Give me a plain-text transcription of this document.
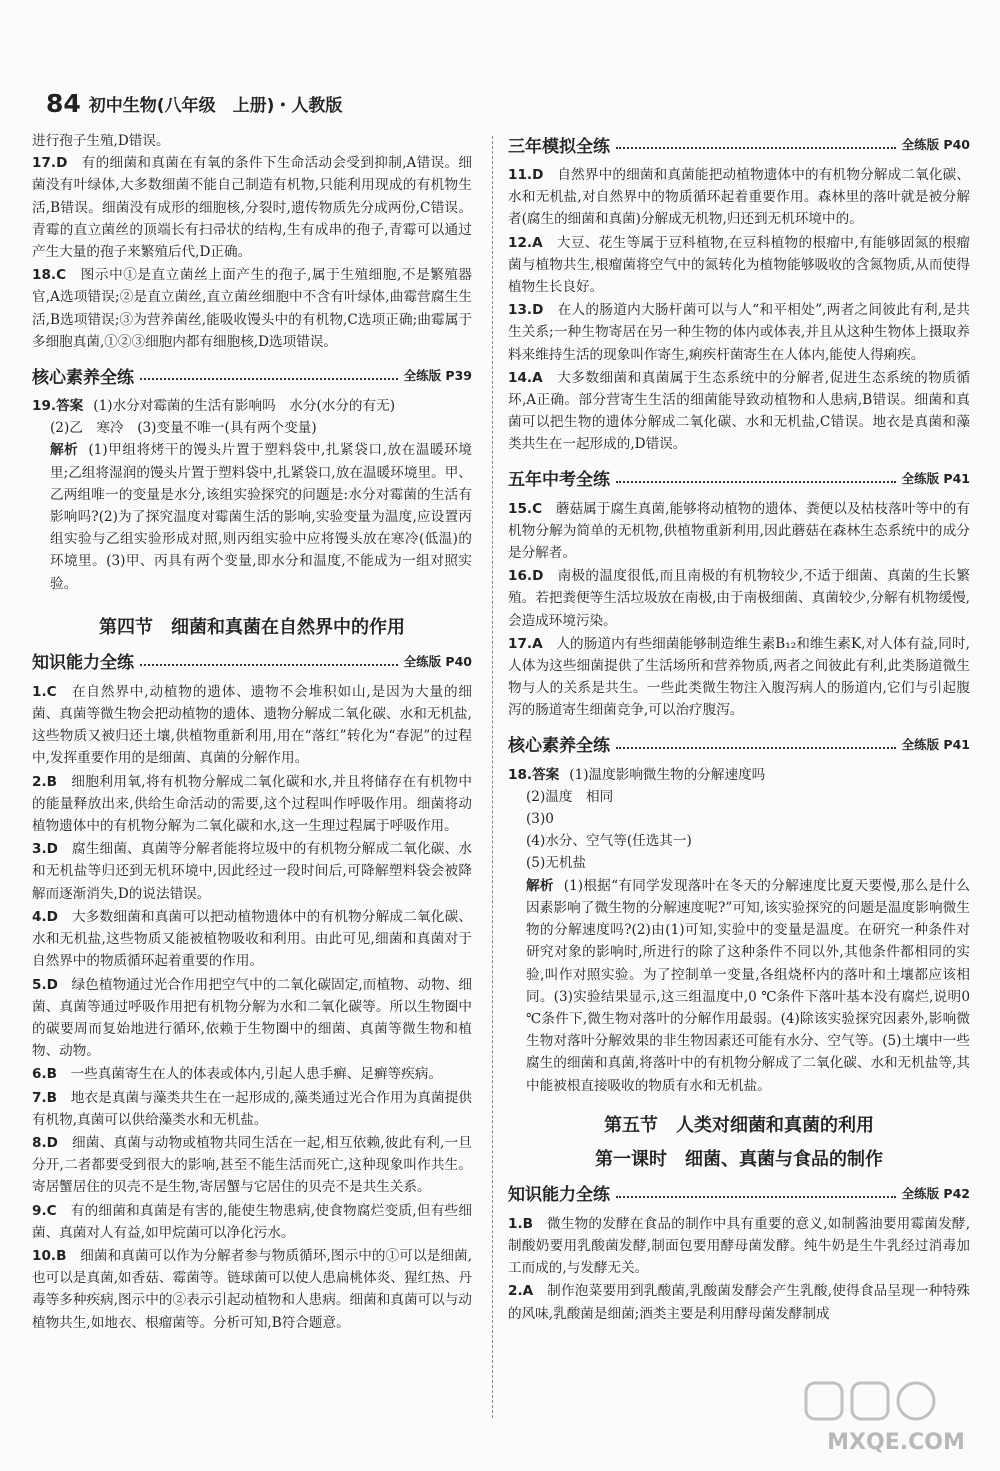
84 初中生物(八年级　上册)・人教版

进行孢子生殖,D错误。

17.D　 有的细菌和真菌在有氧的条件下生命活动会受到抑制,A错误。细菌没有叶绿体,大多数细菌不能自己制造有机物,只能利用现成的有机物生活,B错误。细菌没有成形的细胞核,分裂时,遗传物质先分成两份,C错误。青霉的直立菌丝的顶端长有扫帚状的结构,生有成串的孢子,青霉可以通过产生大量的孢子来繁殖后代,D正确。

18.C　 图示中①是直立菌丝上面产生的孢子,属于生殖细胞,不是繁殖器官,A选项错误;②是直立菌丝,直立菌丝细胞中不含有叶绿体,曲霉营腐生生活,B选项错误;③为营养菌丝,能吸收馒头中的有机物,C选项正确;曲霉属于多细胞真菌,①②③细胞内都有细胞核,D选项错误。

核心素养全练	全练版 P39

19.答案 (1)水分对霉菌的生活有影响吗　水分(水分的有无)

(2)乙　寒冷　(3)变量不唯一(具有两个变量)

解析 (1)甲组将烤干的馒头片置于塑料袋中,扎紧袋口,放在温暖环境里;乙组将湿润的馒头片置于塑料袋中,扎紧袋口,放在温暖环境里。甲、乙两组唯一的变量是水分,该组实验探究的问题是:水分对霉菌的生活有影响吗?(2)为了探究温度对霉菌生活的影响,实验变量为温度,应设置丙组实验与乙组实验形成对照,则丙组实验中应将馒头放在寒冷(低温)的环境里。(3)甲、丙具有两个变量,即水分和温度,不能成为一组对照实验。

第四节　细菌和真菌在自然界中的作用
知识能力全练	全练版 P40

1.C　 在自然界中,动植物的遗体、遗物不会堆积如山,是因为大量的细菌、真菌等微生物会把动植物的遗体、遗物分解成二氧化碳、水和无机盐,这些物质又被归还土壤,供植物重新利用,用在“落红”转化为“春泥”的过程中,发挥重要作用的是细菌、真菌的分解作用。

2.B　 细胞利用氧,将有机物分解成二氧化碳和水,并且将储存在有机物中的能量释放出来,供给生命活动的需要,这个过程叫作呼吸作用。细菌将动植物遗体中的有机物分解为二氧化碳和水,这一生理过程属于呼吸作用。

3.D　 腐生细菌、真菌等分解者能将垃圾中的有机物分解成二氧化碳、水和无机盐等归还到无机环境中,因此经过一段时间后,可降解塑料袋会被降解而逐渐消失,D的说法错误。

4.D　 大多数细菌和真菌可以把动植物遗体中的有机物分解成二氧化碳、水和无机盐,这些物质又能被植物吸收和利用。由此可见,细菌和真菌对于自然界中的物质循环起着重要的作用。

5.D　 绿色植物通过光合作用把空气中的二氧化碳固定,而植物、动物、细菌、真菌等通过呼吸作用把有机物分解为水和二氧化碳等。所以生物圈中的碳要周而复始地进行循环,依赖于生物圈中的细菌、真菌等微生物和植物、动物。

6.B　 一些真菌寄生在人的体表或体内,引起人患手癣、足癣等疾病。

7.B　 地衣是真菌与藻类共生在一起形成的,藻类通过光合作用为真菌提供有机物,真菌可以供给藻类水和无机盐。

8.D　 细菌、真菌与动物或植物共同生活在一起,相互依赖,彼此有利,一旦分开,二者都要受到很大的影响,甚至不能生活而死亡,这种现象叫作共生。寄居蟹居住的贝壳不是生物,寄居蟹与它居住的贝壳不是共生关系。

9.C　 有的细菌和真菌是有害的,能使生物患病,使食物腐烂变质,但有些细菌、真菌对人有益,如甲烷菌可以净化污水。

10.B　 细菌和真菌可以作为分解者参与物质循环,图示中的①可以是细菌,也可以是真菌,如香菇、霉菌等。链球菌可以使人患扁桃体炎、猩红热、丹毒等多种疾病,图示中的②表示引起动植物和人患病。细菌和真菌可以与动植物共生,如地衣、根瘤菌等。分析可知,B符合题意。

三年模拟全练	全练版 P40

11.D　 自然界中的细菌和真菌能把动植物遗体中的有机物分解成二氧化碳、水和无机盐,对自然界中的物质循环起着重要作用。森林里的落叶就是被分解者(腐生的细菌和真菌)分解成无机物,归还到无机环境中的。

12.A　 大豆、花生等属于豆科植物,在豆科植物的根瘤中,有能够固氮的根瘤菌与植物共生,根瘤菌将空气中的氮转化为植物能够吸收的含氮物质,从而使得植物生长良好。

13.D　 在人的肠道内大肠杆菌可以与人“和平相处”,两者之间彼此有利,是共生关系;一种生物寄居在另一种生物的体内或体表,并且从这种生物体上摄取养料来维持生活的现象叫作寄生,痢疾杆菌寄生在人体内,能使人得痢疾。

14.A　 大多数细菌和真菌属于生态系统中的分解者,促进生态系统的物质循环,A正确。部分营寄生生活的细菌能导致动植物和人患病,B错误。细菌和真菌可以把生物的遗体分解成二氧化碳、水和无机盐,C错误。地衣是真菌和藻类共生在一起形成的,D错误。

五年中考全练	全练版 P41

15.C　 蘑菇属于腐生真菌,能够将动植物的遗体、粪便以及枯枝落叶等中的有机物分解为简单的无机物,供植物重新利用,因此蘑菇在森林生态系统中的成分是分解者。

16.D　 南极的温度很低,而且南极的有机物较少,不适于细菌、真菌的生长繁殖。若把粪便等生活垃圾放在南极,由于南极细菌、真菌较少,分解有机物缓慢,会造成环境污染。

17.A　 人的肠道内有些细菌能够制造维生素B₁₂和维生素K,对人体有益,同时,人体为这些细菌提供了生活场所和营养物质,两者之间彼此有利,此类肠道微生物与人的关系是共生。一些此类微生物注入腹泻病人的肠道内,它们与引起腹泻的肠道寄生细菌竞争,可以治疗腹泻。

核心素养全练	全练版 P41

18.答案 (1)温度影响微生物的分解速度吗

(2)温度　相同

(3)0

(4)水分、空气等(任选其一)

(5)无机盐

解析 (1)根据“有同学发现落叶在冬天的分解速度比夏天要慢,那么是什么因素影响了微生物的分解速度呢?”可知,该实验探究的问题是温度影响微生物的分解速度吗?(2)由(1)可知,实验中的变量是温度。在研究一种条件对研究对象的影响时,所进行的除了这种条件不同以外,其他条件都相同的实验,叫作对照实验。为了控制单一变量,各组烧杯内的落叶和土壤都应该相同。(3)实验结果显示,这三组温度中,0 ℃条件下落叶基本没有腐烂,说明0 ℃条件下,微生物对落叶的分解作用最弱。(4)除该实验探究因素外,影响微生物对落叶分解效果的非生物因素还可能有水分、空气等。(5)土壤中一些腐生的细菌和真菌,将落叶中的有机物分解成了二氧化碳、水和无机盐等,其中能被根直接吸收的物质有水和无机盐。

第五节　人类对细菌和真菌的利用
第一课时　细菌、真菌与食品的制作
知识能力全练	全练版 P42

1.B　 微生物的发酵在食品的制作中具有重要的意义,如制酱油要用霉菌发酵,制酸奶要用乳酸菌发酵,制面包要用酵母菌发酵。纯牛奶是生牛乳经过消毒加工而成的,与发酵无关。

2.A　 制作泡菜要用到乳酸菌,乳酸菌发酵会产生乳酸,使得食品呈现一种特殊的风味,乳酸菌是细菌;酒类主要是利用酵母菌发酵制成

MXQE.COM
